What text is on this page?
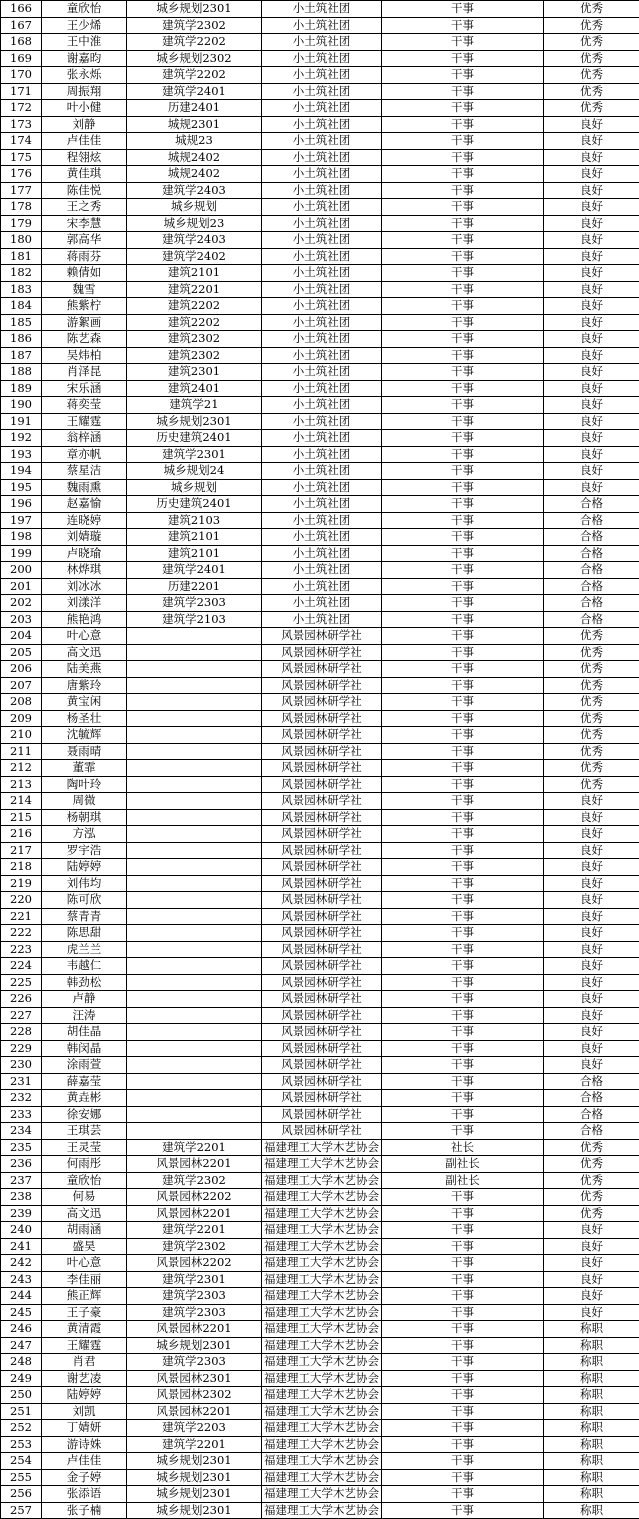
166	童欣怡	城乡规划2301	小土筑社团	干事	优秀
167	王少烯	建筑学2302	小土筑社团	干事	优秀
168	王中淮	建筑学2202	小土筑社团	干事	优秀
169	谢嘉昀	城乡规划2302	小土筑社团	干事	优秀
170	张永烁	建筑学2202	小土筑社团	干事	优秀
171	周振翔	建筑学2401	小土筑社团	干事	优秀
172	叶小健	历建2401	小土筑社团	干事	优秀
173	刘静	城规2301	小土筑社团	干事	良好
174	卢佳佳	城规23	小土筑社团	干事	良好
175	程翎炫	城规2402	小土筑社团	干事	良好
176	黄佳琪	城规2402	小土筑社团	干事	良好
177	陈佳悦	建筑学2403	小土筑社团	干事	良好
178	王之秀	城乡规划	小土筑社团	干事	良好
179	宋李慧	城乡规划23	小土筑社团	干事	良好
180	郭高华	建筑学2403	小土筑社团	干事	良好
181	蒋雨芬	建筑学2402	小土筑社团	干事	良好
182	赖倩如	建筑2101	小土筑社团	干事	良好
183	魏雪	建筑2201	小土筑社团	干事	良好
184	熊紫柠	建筑2202	小土筑社团	干事	良好
185	游絮画	建筑2202	小土筑社团	干事	良好
186	陈艺森	建筑2302	小土筑社团	干事	良好
187	吴炜柏	建筑2302	小土筑社团	干事	良好
188	肖泽昆	建筑2301	小土筑社团	干事	良好
189	宋乐涵	建筑2401	小土筑社团	干事	良好
190	蒋奕莹	建筑学21	小土筑社团	干事	良好
191	王耀霆	城乡规划2301	小土筑社团	干事	良好
192	翁梓涵	历史建筑2401	小土筑社团	干事	良好
193	章亦帆	建筑学2301	小土筑社团	干事	良好
194	蔡星洁	城乡规划24	小土筑社团	干事	良好
195	魏雨熏	城乡规划	小土筑社团	干事	良好
196	赵嘉愉	历史建筑2401	小土筑社团	干事	合格
197	连晓婷	建筑2103	小土筑社团	干事	合格
198	刘婧璇	建筑2101	小土筑社团	干事	合格
199	卢晓瑜	建筑2101	小土筑社团	干事	合格
200	林烨琪	建筑学2401	小土筑社团	干事	合格
201	刘冰冰	历建2201	小土筑社团	干事	合格
202	刘漾洋	建筑学2303	小土筑社团	干事	合格
203	熊艳鸿	建筑学2103	小土筑社团	干事	合格
204	叶心意		风景园林研学社	干事	优秀
205	高文迅		风景园林研学社	干事	优秀
206	陆美燕		风景园林研学社	干事	优秀
207	唐紫玲		风景园林研学社	干事	优秀
208	黄宝闲		风景园林研学社	干事	优秀
209	杨圣壮		风景园林研学社	干事	优秀
210	沈毓辉		风景园林研学社	干事	优秀
211	聂雨晴		风景园林研学社	干事	优秀
212	董霏		风景园林研学社	干事	优秀
213	陶叶玲		风景园林研学社	干事	优秀
214	周微		风景园林研学社	干事	良好
215	杨朝琪		风景园林研学社	干事	良好
216	方泓		风景园林研学社	干事	良好
217	罗宇浩		风景园林研学社	干事	良好
218	陆婷婷		风景园林研学社	干事	良好
219	刘伟均		风景园林研学社	干事	良好
220	陈可欣		风景园林研学社	干事	良好
221	蔡青青		风景园林研学社	干事	良好
222	陈思甜		风景园林研学社	干事	良好
223	虎兰兰		风景园林研学社	干事	良好
224	韦越仁		风景园林研学社	干事	良好
225	韩劲松		风景园林研学社	干事	良好
226	卢静		风景园林研学社	干事	良好
227	汪涛		风景园林研学社	干事	良好
228	胡佳晶		风景园林研学社	干事	良好
229	韩闵晶		风景园林研学社	干事	良好
230	涂雨萱		风景园林研学社	干事	良好
231	薛嘉莹		风景园林研学社	干事	合格
232	黄垚彬		风景园林研学社	干事	合格
233	徐安娜		风景园林研学社	干事	合格
234	王琪芸		风景园林研学社	干事	合格
235	王灵莹	建筑学2201	福建理工大学木艺协会	社长	优秀
236	何雨彤	风景园林2201	福建理工大学木艺协会	副社长	优秀
237	童欣怡	建筑学2302	福建理工大学木艺协会	副社长	优秀
238	何易	风景园林2202	福建理工大学木艺协会	干事	优秀
239	高文迅	风景园林2201	福建理工大学木艺协会	干事	优秀
240	胡雨涵	建筑学2201	福建理工大学木艺协会	干事	良好
241	盛昊	建筑学2302	福建理工大学木艺协会	干事	良好
242	叶心意	风景园林2202	福建理工大学木艺协会	干事	良好
243	李佳丽	建筑学2301	福建理工大学木艺协会	干事	良好
244	熊正辉	建筑学2303	福建理工大学木艺协会	干事	良好
245	王子豪	建筑学2303	福建理工大学木艺协会	干事	良好
246	黄清霞	风景园林2201	福建理工大学木艺协会	干事	称职
247	王耀霆	城乡规划2301	福建理工大学木艺协会	干事	称职
248	肖君	建筑学2303	福建理工大学木艺协会	干事	称职
249	谢艺凌	风景园林2301	福建理工大学木艺协会	干事	称职
250	陆婷婷	风景园林2302	福建理工大学木艺协会	干事	称职
251	刘凯	风景园林2201	福建理工大学木艺协会	干事	称职
252	丁婧妍	建筑学2203	福建理工大学木艺协会	干事	称职
253	游诗姝	建筑学2201	福建理工大学木艺协会	干事	称职
254	卢佳佳	城乡规划2301	福建理工大学木艺协会	干事	称职
255	金子婷	城乡规划2301	福建理工大学木艺协会	干事	称职
256	张添语	城乡规划2301	福建理工大学木艺协会	干事	称职
257	张子楠	城乡规划2301	福建理工大学木艺协会	干事	称职
